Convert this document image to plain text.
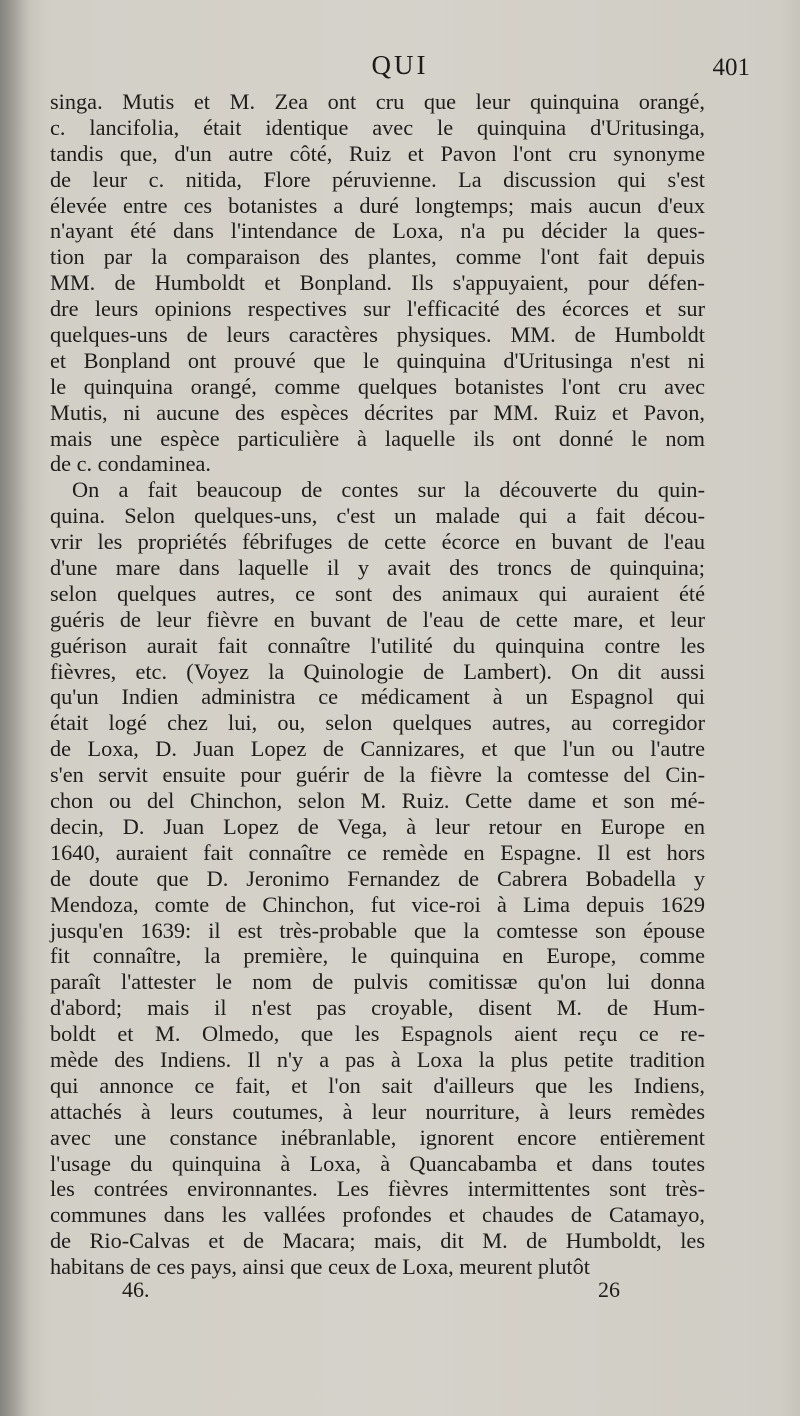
QUI	401
singa. Mutis et M. Zea ont cru que leur quinquina orangé,
c. lancifolia, était identique avec le quinquina d'Uritusinga,
tandis que, d'un autre côté, Ruiz et Pavon l'ont cru synonyme
de leur c. nitida, Flore péruvienne. La discussion qui s'est
élevée entre ces botanistes a duré longtemps; mais aucun d'eux
n'ayant été dans l'intendance de Loxa, n'a pu décider la ques-
tion par la comparaison des plantes, comme l'ont fait depuis
MM. de Humboldt et Bonpland. Ils s'appuyaient, pour défen-
dre leurs opinions respectives sur l'efficacité des écorces et sur
quelques-uns de leurs caractères physiques. MM. de Humboldt
et Bonpland ont prouvé que le quinquina d'Uritusinga n'est ni
le quinquina orangé, comme quelques botanistes l'ont cru avec
Mutis, ni aucune des espèces décrites par MM. Ruiz et Pavon,
mais une espèce particulière à laquelle ils ont donné le nom
de c. condaminea.
On a fait beaucoup de contes sur la découverte du quin-
quina. Selon quelques-uns, c'est un malade qui a fait décou-
vrir les propriétés fébrifuges de cette écorce en buvant de l'eau
d'une mare dans laquelle il y avait des troncs de quinquina;
selon quelques autres, ce sont des animaux qui auraient été
guéris de leur fièvre en buvant de l'eau de cette mare, et leur
guérison aurait fait connaître l'utilité du quinquina contre les
fièvres, etc. (Voyez la Quinologie de Lambert). On dit aussi
qu'un Indien administra ce médicament à un Espagnol qui
était logé chez lui, ou, selon quelques autres, au corregidor
de Loxa, D. Juan Lopez de Cannizares, et que l'un ou l'autre
s'en servit ensuite pour guérir de la fièvre la comtesse del Cin-
chon ou del Chinchon, selon M. Ruiz. Cette dame et son mé-
decin, D. Juan Lopez de Vega, à leur retour en Europe en
1640, auraient fait connaître ce remède en Espagne. Il est hors
de doute que D. Jeronimo Fernandez de Cabrera Bobadella y
Mendoza, comte de Chinchon, fut vice-roi à Lima depuis 1629
jusqu'en 1639: il est très-probable que la comtesse son épouse
fit connaître, la première, le quinquina en Europe, comme
paraît l'attester le nom de pulvis comitissæ qu'on lui donna
d'abord; mais il n'est pas croyable, disent M. de Hum-
boldt et M. Olmedo, que les Espagnols aient reçu ce re-
mède des Indiens. Il n'y a pas à Loxa la plus petite tradition
qui annonce ce fait, et l'on sait d'ailleurs que les Indiens,
attachés à leurs coutumes, à leur nourriture, à leurs remèdes
avec une constance inébranlable, ignorent encore entièrement
l'usage du quinquina à Loxa, à Quancabamba et dans toutes
les contrées environnantes. Les fièvres intermittentes sont très-
communes dans les vallées profondes et chaudes de Catamayo,
de Rio-Calvas et de Macara; mais, dit M. de Humboldt, les
habitans de ces pays, ainsi que ceux de Loxa, meurent plutôt
46.	26
